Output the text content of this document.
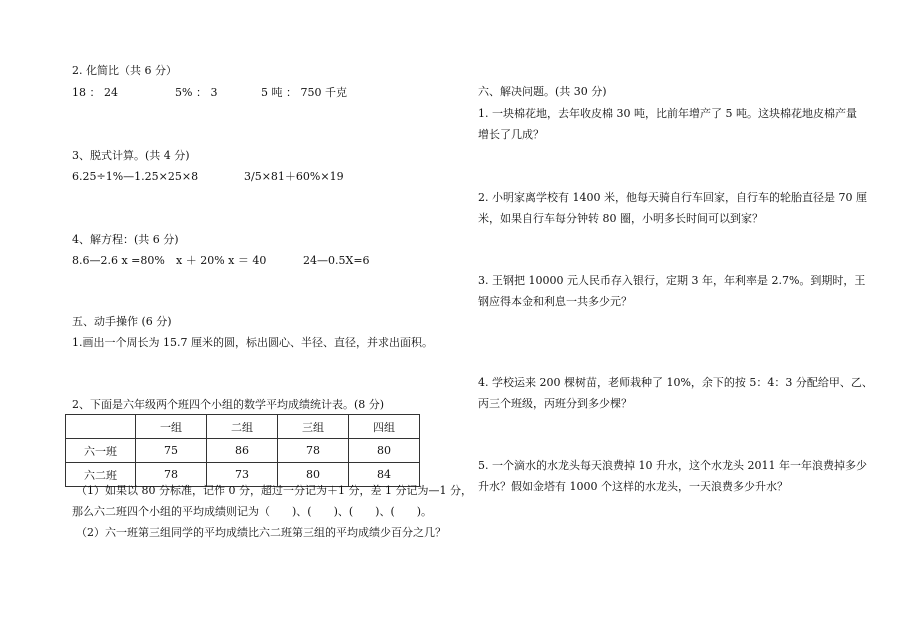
2. 化简比（共 6 分）
18 ： 24	5% ： 3	5 吨 ： 750 千克
3、脱式计算。(共 4 分)
6.25÷1%—1.25×25×8	3/5×81＋60%×19
4、解方程：(共 6 分)
8.6—2.6 x =80% x ＋ 20% x ＝ 40	24—0.5X=6
五、动手操作 (6 分)
1.画出一个周长为 15.7 厘米的圆，标出圆心、半径、直径，并求出面积。
2、下面是六年级两个班四个小组的数学平均成绩统计表。(8 分)
	一组	二组	三组	四组
六一班	75	86	78	80
六二班	78	73	80	84
（1）如果以 80 分标准，记作 0 分，超过一分记为＋1 分，差 1 分记为—1 分，
那么六二班四个小组的平均成绩则记为（　　)、(　　)、(　　)、(　　)。
（2）六一班第三组同学的平均成绩比六二班第三组的平均成绩少百分之几？
六、解决问题。(共 30 分)
1. 一块棉花地，去年收皮棉 30 吨，比前年增产了 5 吨。这块棉花地皮棉产量
增长了几成？
2. 小明家离学校有 1400 米，他每天骑自行车回家，自行车的轮胎直径是 70 厘
米，如果自行车每分钟转 80 圈，小明多长时间可以到家？
3. 王钢把 10000 元人民币存入银行，定期 3 年，年利率是 2.7%。到期时，王
钢应得本金和利息一共多少元？
4. 学校运来 200 棵树苗，老师栽种了 10%，余下的按 5：4：3 分配给甲、乙、
丙三个班级，丙班分到多少棵？
5. 一个滴水的水龙头每天浪费掉 10 升水，这个水龙头 2011 年一年浪费掉多少
升水？假如金塔有 1000 个这样的水龙头，一天浪费多少升水？
